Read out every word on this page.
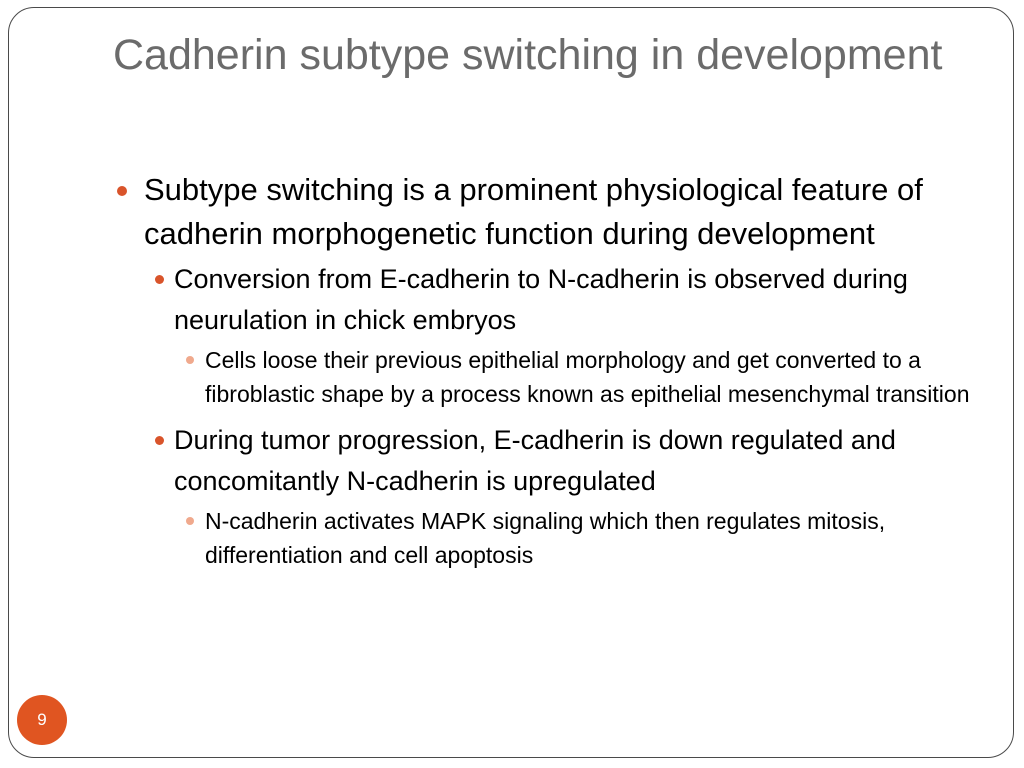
Cadherin subtype switching in development
Subtype switching is a prominent physiological feature of cadherin morphogenetic function during development
Conversion from E-cadherin to N-cadherin is observed during neurulation in chick embryos
Cells loose their previous epithelial morphology and get converted to a fibroblastic shape by a process known as epithelial mesenchymal transition
During tumor progression, E-cadherin is down regulated and concomitantly N-cadherin is upregulated
N-cadherin activates MAPK signaling which then regulates mitosis, differentiation and cell apoptosis
9
